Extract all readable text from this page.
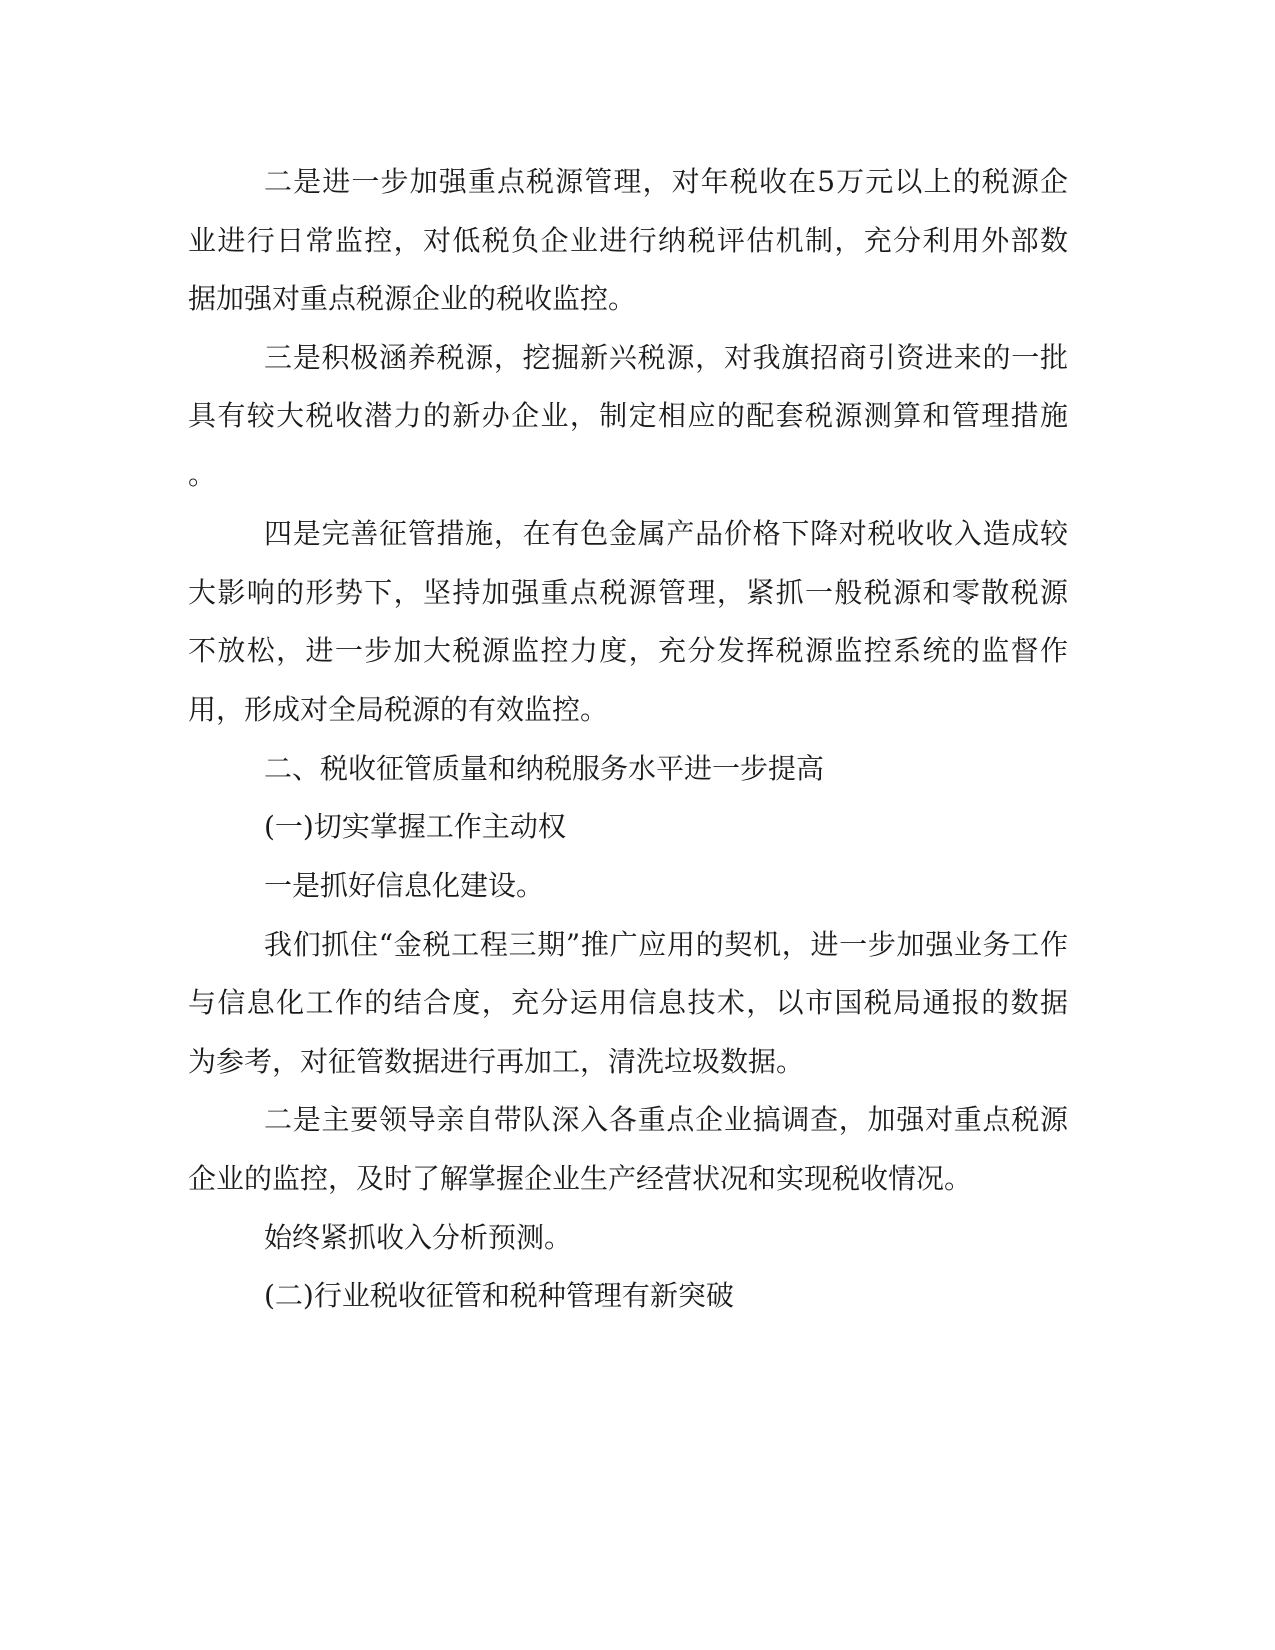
二是进一步加强重点税源管理，对年税收在5万元以上的税源企
业进行日常监控，对低税负企业进行纳税评估机制，充分利用外部数
据加强对重点税源企业的税收监控。
三是积极涵养税源，挖掘新兴税源，对我旗招商引资进来的一批
具有较大税收潜力的新办企业，制定相应的配套税源测算和管理措施
。
四是完善征管措施，在有色金属产品价格下降对税收收入造成较
大影响的形势下，坚持加强重点税源管理，紧抓一般税源和零散税源
不放松，进一步加大税源监控力度，充分发挥税源监控系统的监督作
用，形成对全局税源的有效监控。
二、税收征管质量和纳税服务水平进一步提高
(一)切实掌握工作主动权
一是抓好信息化建设。
我们抓住“金税工程三期”推广应用的契机，进一步加强业务工作
与信息化工作的结合度，充分运用信息技术，以市国税局通报的数据
为参考，对征管数据进行再加工，清洗垃圾数据。
二是主要领导亲自带队深入各重点企业搞调查，加强对重点税源
企业的监控，及时了解掌握企业生产经营状况和实现税收情况。
始终紧抓收入分析预测。
(二)行业税收征管和税种管理有新突破
